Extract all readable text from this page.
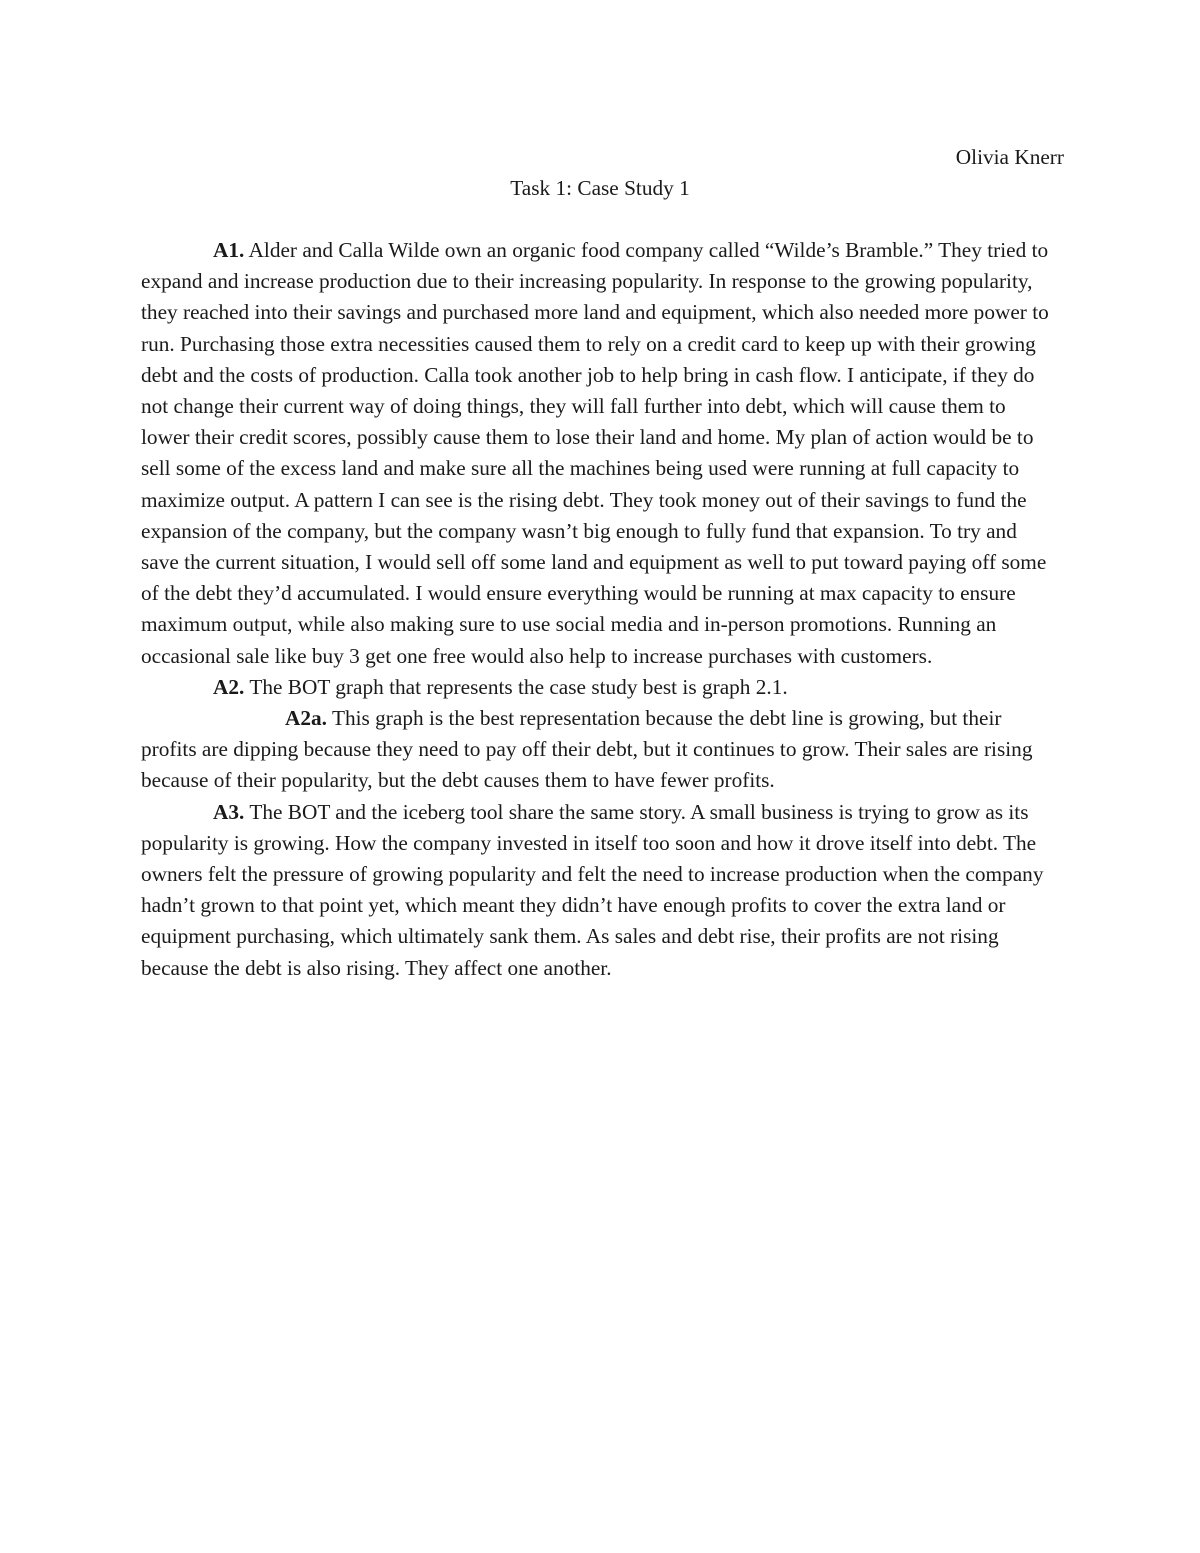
Olivia Knerr

Task 1: Case Study 1

A1. Alder and Calla Wilde own an organic food company called “Wilde’s Bramble.” They tried to expand and increase production due to their increasing popularity. In response to the growing popularity, they reached into their savings and purchased more land and equipment, which also needed more power to run. Purchasing those extra necessities caused them to rely on a credit card to keep up with their growing debt and the costs of production. Calla took another job to help bring in cash flow. I anticipate, if they do not change their current way of doing things, they will fall further into debt, which will cause them to lower their credit scores, possibly cause them to lose their land and home. My plan of action would be to sell some of the excess land and make sure all the machines being used were running at full capacity to maximize output. A pattern I can see is the rising debt. They took money out of their savings to fund the expansion of the company, but the company wasn’t big enough to fully fund that expansion. To try and save the current situation, I would sell off some land and equipment as well to put toward paying off some of the debt they’d accumulated. I would ensure everything would be running at max capacity to ensure maximum output, while also making sure to use social media and in-person promotions. Running an occasional sale like buy 3 get one free would also help to increase purchases with customers.

A2. The BOT graph that represents the case study best is graph 2.1.

A2a. This graph is the best representation because the debt line is growing, but their profits are dipping because they need to pay off their debt, but it continues to grow. Their sales are rising because of their popularity, but the debt causes them to have fewer profits.

A3. The BOT and the iceberg tool share the same story. A small business is trying to grow as its popularity is growing. How the company invested in itself too soon and how it drove itself into debt. The owners felt the pressure of growing popularity and felt the need to increase production when the company hadn’t grown to that point yet, which meant they didn’t have enough profits to cover the extra land or equipment purchasing, which ultimately sank them. As sales and debt rise, their profits are not rising because the debt is also rising. They affect one another.
